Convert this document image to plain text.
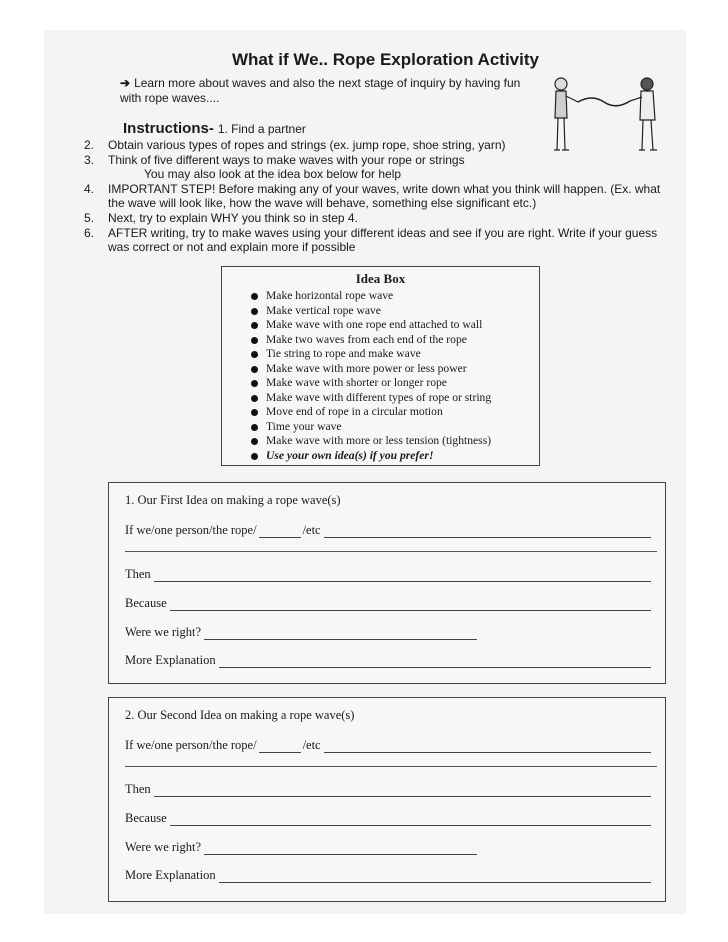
What if We.. Rope Exploration Activity
➔ Learn more about waves and also the next stage of inquiry by having fun with rope waves....
Instructions- 1. Find a partner
2. Obtain various types of ropes and strings (ex. jump rope, shoe string, yarn)
3. Think of five different ways to make waves with your rope or strings
You may also look at the idea box below for help
4. IMPORTANT STEP! Before making any of your waves, write down what you think will happen. (Ex. what the wave will look like, how the wave will behave, something else significant etc.)
5. Next, try to explain WHY you think so in step 4.
6. AFTER writing, try to make waves using your different ideas and see if you are right. Write if your guess was correct or not and explain more if possible
Idea Box
Make horizontal rope wave
Make vertical rope wave
Make wave with one rope end attached to wall
Make two waves from each end of the rope
Tie string to rope and make wave
Make wave with more power or less power
Make wave with shorter or longer rope
Make wave with different types of rope or string
Move end of rope in a circular motion
Time your wave
Make wave with more or less tension (tightness)
Use your own idea(s) if you prefer!
1. Our First Idea on making a rope wave(s)
If we/one person/the rope/	/etc
Then
Because
Were we right?
More Explanation
2. Our Second Idea on making a rope wave(s)
If we/one person/the rope/	/etc
Then
Because
Were we right?
More Explanation
